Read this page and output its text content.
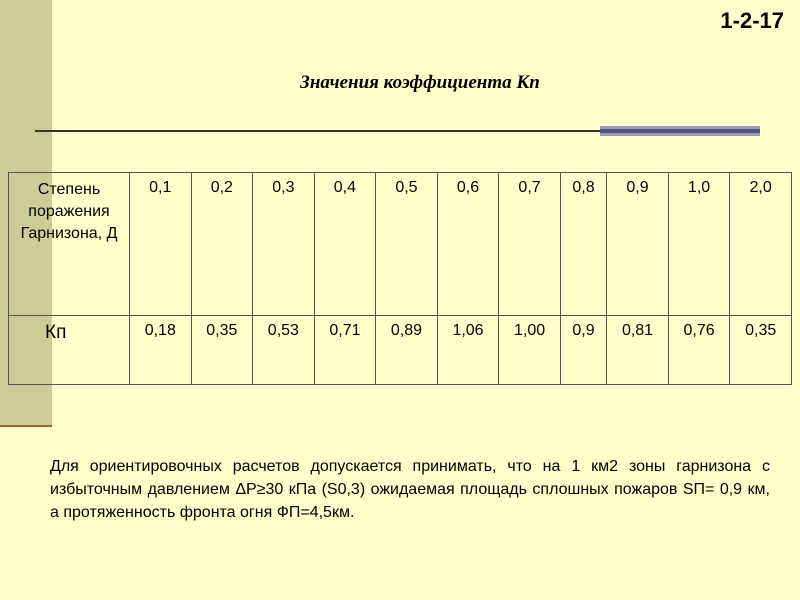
1-2-17
Значения коэффициента Кп
Степень поражения Гарнизона, Д	0,1	0,2	0,3	0,4	0,5	0,6	0,7	0,8	0,9	1,0	2,0
Кп	0,18	0,35	0,53	0,71	0,89	1,06	1,00	0,9	0,81	0,76	0,35
Для ориентировочных расчетов допускается принимать, что на 1 км2 зоны гарнизона с избыточным давлением ΔР≥30 кПа (S0,3) ожидаемая площадь сплошных пожаров SП= 0,9 км, а протяженность фронта огня ФП=4,5км.
